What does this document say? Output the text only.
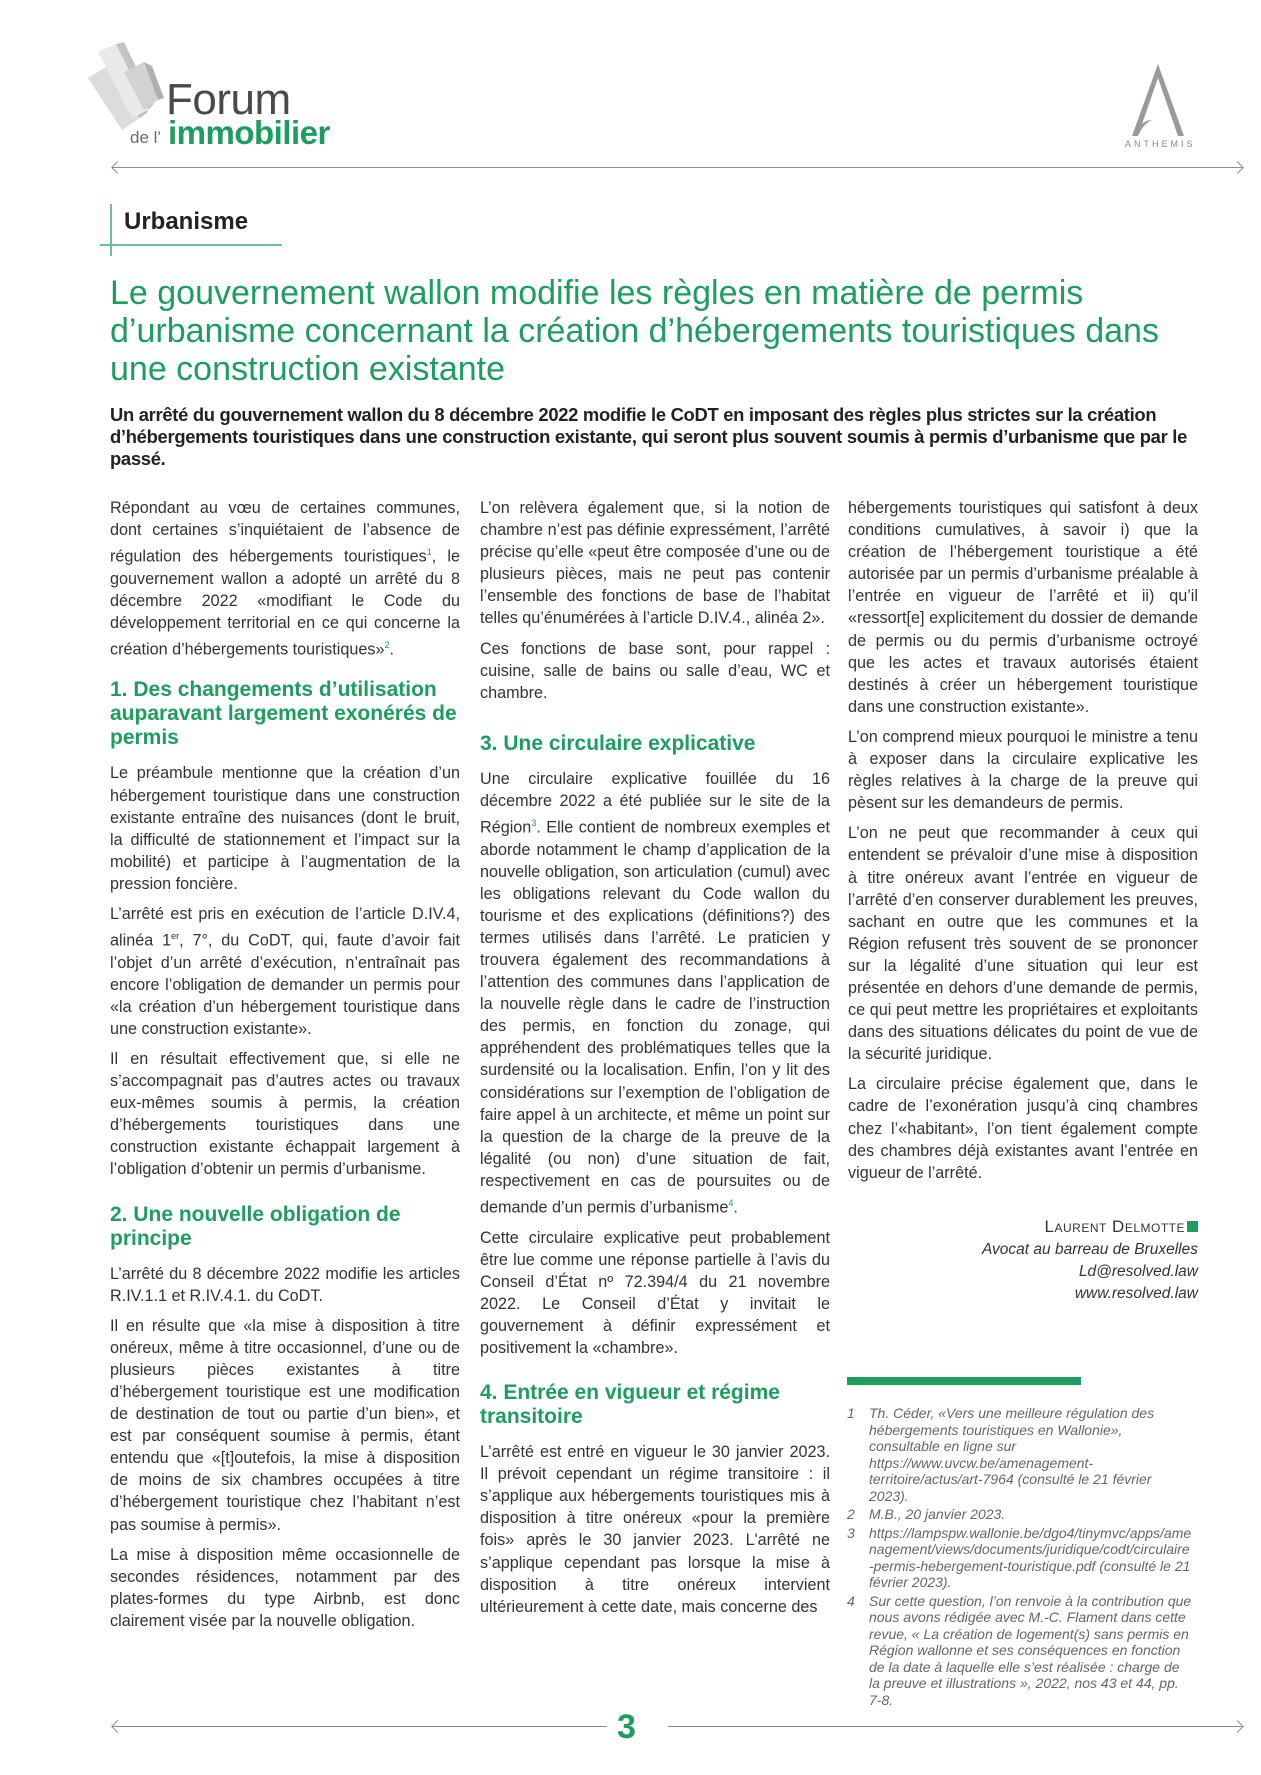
Forum
de l’ immobilier	ANTHEMIS
Urbanisme
Le gouvernement wallon modifie les règles en matière de permis d’urbanisme concernant la création d’hébergements touristiques dans une construction existante
Un arrêté du gouvernement wallon du 8 décembre 2022 modifie le CoDT en imposant des règles plus strictes sur la création d’hébergements touristiques dans une construction existante, qui seront plus souvent soumis à permis d’urbanisme que par le passé.

Répondant au vœu de certaines communes, dont certaines s’inquiétaient de l’absence de régulation des hébergements touristiques$^1$, le gouvernement wallon a adopté un arrêté du 8 décembre 2022 «modifiant le Code du développement territorial en ce qui concerne la création d’hébergements touristiques»$^2$.

1. Des changements d’utilisation auparavant largement exonérés de permis

Le préambule mentionne que la création d’un hébergement touristique dans une construction existante entraîne des nuisances (dont le bruit, la difficulté de stationnement et l’impact sur la mobilité) et participe à l’augmentation de la pression foncière.

L’arrêté est pris en exécution de l’article D.IV.4, alinéa 1er, 7°, du CoDT, qui, faute d’avoir fait l’objet d’un arrêté d’exécution, n’entraînait pas encore l’obligation de demander un permis pour «la création d’un hébergement touristique dans une construction existante».

Il en résultait effectivement que, si elle ne s’accompagnait pas d’autres actes ou travaux eux-mêmes soumis à permis, la création d’hébergements touristiques dans une construction existante échappait largement à l’obligation d’obtenir un permis d’urbanisme.

2. Une nouvelle obligation de principe

L’arrêté du 8 décembre 2022 modifie les articles R.IV.1.1 et R.IV.4.1. du CoDT.

Il en résulte que «la mise à disposition à titre onéreux, même à titre occasionnel, d’une ou de plusieurs pièces existantes à titre d’hébergement touristique est une modification de destination de tout ou partie d’un bien», et est par conséquent soumise à permis, étant entendu que «[t]outefois, la mise à disposition de moins de six chambres occupées à titre d’hébergement touristique chez l’habitant n’est pas soumise à permis».

La mise à disposition même occasionnelle de secondes résidences, notamment par des plates-formes du type Airbnb, est donc clairement visée par la nouvelle obligation.

L’on relèvera également que, si la notion de chambre n’est pas définie expressément, l’arrêté précise qu’elle «peut être composée d’une ou de plusieurs pièces, mais ne peut pas contenir l’ensemble des fonctions de base de l’habitat telles qu’énumérées à l’article D.IV.4., alinéa 2».

Ces fonctions de base sont, pour rappel : cuisine, salle de bains ou salle d’eau, WC et chambre.

3. Une circulaire explicative

Une circulaire explicative fouillée du 16 décembre 2022 a été publiée sur le site de la Région$^3$. Elle contient de nombreux exemples et aborde notamment le champ d’application de la nouvelle obligation, son articulation (cumul) avec les obligations relevant du Code wallon du tourisme et des explications (définitions?) des termes utilisés dans l’arrêté. Le praticien y trouvera également des recommandations à l’attention des communes dans l’application de la nouvelle règle dans le cadre de l’instruction des permis, en fonction du zonage, qui appréhendent des problématiques telles que la surdensité ou la localisation. Enfin, l’on y lit des considérations sur l’exemption de l’obligation de faire appel à un architecte, et même un point sur la question de la charge de la preuve de la légalité (ou non) d’une situation de fait, respectivement en cas de poursuites ou de demande d’un permis d’urbanisme$^4$.

Cette circulaire explicative peut probablement être lue comme une réponse partielle à l’avis du Conseil d’État nº 72.394/4 du 21 novembre 2022. Le Conseil d’État y invitait le gouvernement à définir expressément et positivement la «chambre».

4. Entrée en vigueur et régime transitoire

L’arrêté est entré en vigueur le 30 janvier 2023. Il prévoit cependant un régime transitoire : il s’applique aux hébergements touristiques mis à disposition à titre onéreux «pour la première fois» après le 30 janvier 2023. L'arrêté ne s’applique cependant pas lorsque la mise à disposition à titre onéreux intervient ultérieurement à cette date, mais concerne des

hébergements touristiques qui satisfont à deux conditions cumulatives, à savoir i) que la création de l’hébergement touristique a été autorisée par un permis d’urbanisme préalable à l’entrée en vigueur de l’arrêté et ii) qu’il «ressort[e] explicitement du dossier de demande de permis ou du permis d’urbanisme octroyé que les actes et travaux autorisés étaient destinés à créer un hébergement touristique dans une construction existante».

L’on comprend mieux pourquoi le ministre a tenu à exposer dans la circulaire explicative les règles relatives à la charge de la preuve qui pèsent sur les demandeurs de permis.

L’on ne peut que recommander à ceux qui entendent se prévaloir d’une mise à disposition à titre onéreux avant l’entrée en vigueur de l’arrêté d’en conserver durablement les preuves, sachant en outre que les communes et la Région refusent très souvent de se prononcer sur la légalité d’une situation qui leur est présentée en dehors d’une demande de permis, ce qui peut mettre les propriétaires et exploitants dans des situations délicates du point de vue de la sécurité juridique.

La circulaire précise également que, dans le cadre de l’exonération jusqu’à cinq chambres chez l’«habitant», l’on tient également compte des chambres déjà existantes avant l’entrée en vigueur de l’arrêté.

Laurent Delmotte
Avocat au barreau de Bruxelles
Ld@resolved.law
www.resolved.law
1	Th. Céder, «Vers une meilleure régulation des hébergements touristiques en Wallonie», consultable en ligne sur https://www.uvcw.be/amenagement-territoire/actus/art-7964 (consulté le 21 février 2023).
2	M.B., 20 janvier 2023.
3	https://lampspw.wallonie.be/dgo4/tinymvc/apps/amenagement/views/documents/juridique/codt/circulaire-permis-hebergement-touristique.pdf (consulté le 21 février 2023).
4	Sur cette question, l’on renvoie à la contribution que nous avons rédigée avec M.-C. Flament dans cette revue, « La création de logement(s) sans permis en Région wallonne et ses conséquences en fonction de la date à laquelle elle s’est réalisée : charge de la preuve et illustrations », 2022, nos 43 et 44, pp. 7-8.
3
